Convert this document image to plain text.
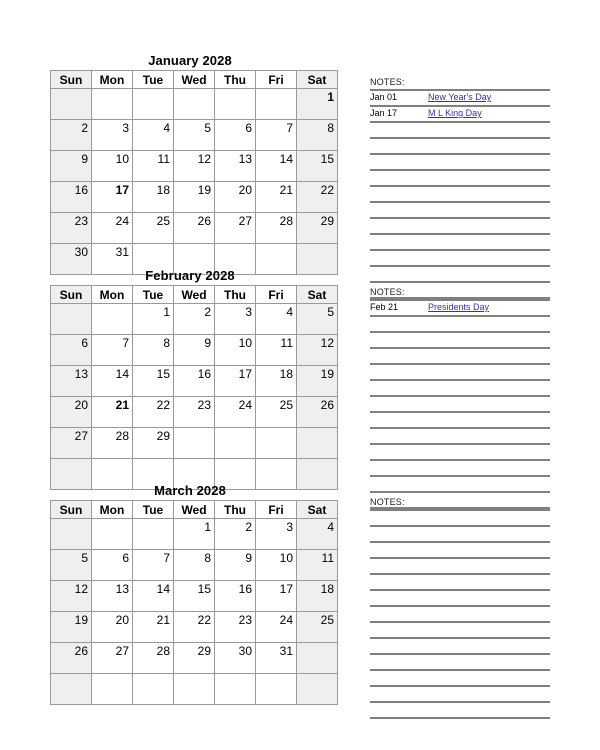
January 2028
Sun	Mon	Tue	Wed	Thu	Fri	Sat
						1
2	3	4	5	6	7	8
9	10	11	12	13	14	15
16	17	18	19	20	21	22
23	24	25	26	27	28	29
30	31					
February 2028
Sun	Mon	Tue	Wed	Thu	Fri	Sat
		1	2	3	4	5
6	7	8	9	10	11	12
13	14	15	16	17	18	19
20	21	22	23	24	25	26
27	28	29				

March 2028
Sun	Mon	Tue	Wed	Thu	Fri	Sat
			1	2	3	4
5	6	7	8	9	10	11
12	13	14	15	16	17	18
19	20	21	22	23	24	25
26	27	28	29	30	31	

NOTES:
Jan 01	New Year's Day
Jan 17	M L King Day
NOTES:
Feb 21	Presidents Day
NOTES:
